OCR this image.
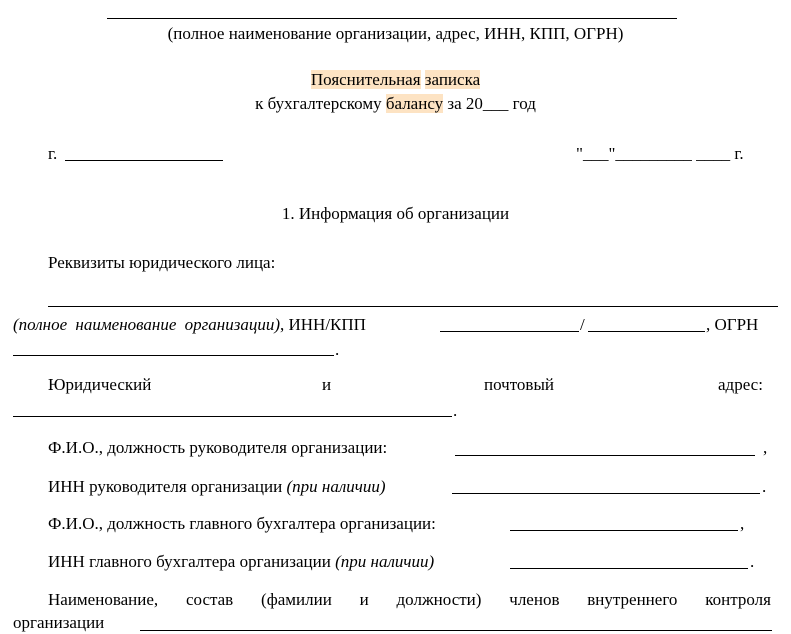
(полное наименование организации, адрес, ИНН, КПП, ОГРН)
Пояснительная записка
к бухгалтерскому балансу за 20___ год
г.	"___"_________ ____ г.
1. Информация об организации
Реквизиты юридического лица:
(полное наименование организации), ИНН/КПП	/	, ОГРН
.
Юридический	и	почтовый	адрес:
.
Ф.И.О., должность руководителя организации:	,
ИНН руководителя организации (при наличии)	.
Ф.И.О., должность главного бухгалтера организации:	,
ИНН главного бухгалтера организации (при наличии)	.
Наименование, состав (фамилии и должности) членов внутреннего контроля
организации
